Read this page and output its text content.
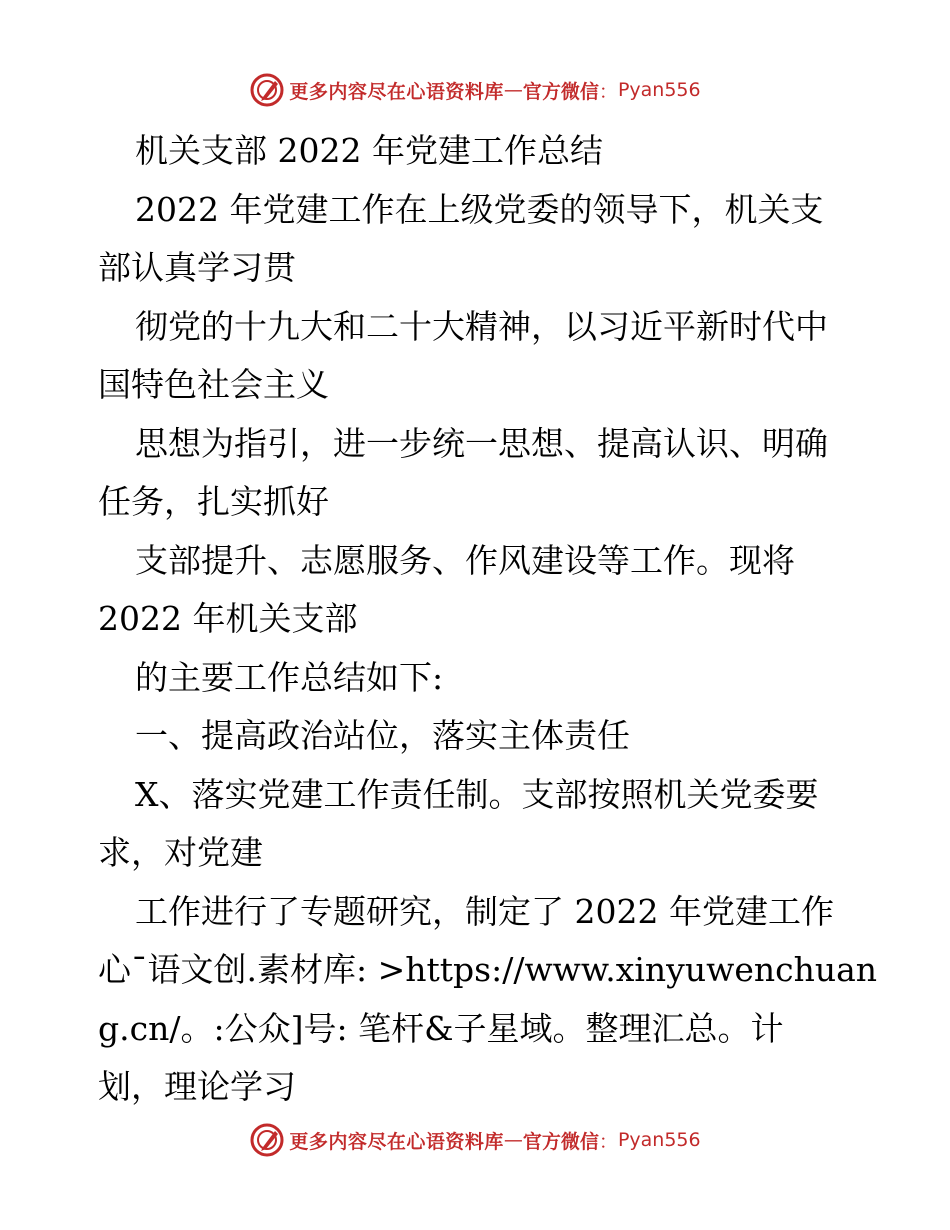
更多内容尽在心语资料库 — 官方微信 ： Pyan556
机关支部 2022 年党建工作总结
2022 年党建工作在上级党委的领导下，机关支
部认真学习贯
彻党的十九大和二十大精神，以习近平新时代中
国特色社会主义
思想为指引，进一步统一思想、提高认识、明确
任务，扎实抓好
支部提升、志愿服务、作风建设等工作。现将
2022 年机关支部
的主要工作总结如下:
一、提高政治站位，落实主体责任
X、落实党建工作责任制。支部按照机关党委要
求，对党建
工作进行了专题研究，制定了 2022 年党建工作
心¯语文创.素材库: >https://www.xinyuwenchuan
g.cn/。:公众]号: 笔杆&子星域。整理汇总。计
划，理论学习
更多内容尽在心语资料库 — 官方微信 ： Pyan556
